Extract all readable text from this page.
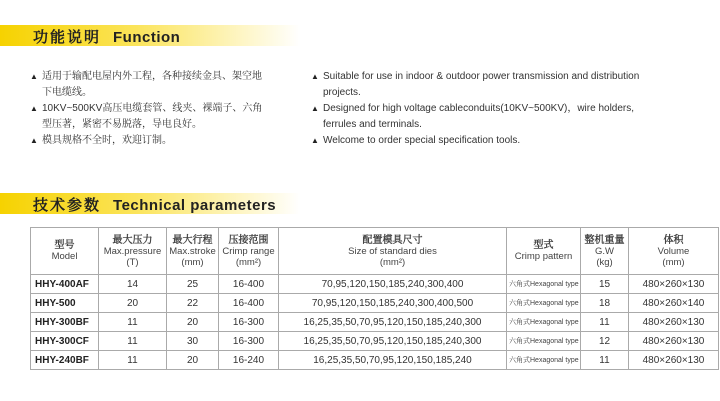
功能说明 Function
▲ 适用于输配电屋内外工程，各种接续金具、架空地
下电缆线。
▲ 10KV~500KV高压电缆套管、线夹、裸端子、六角
型压著，紧密不易脱落，导电良好。
▲ 模具规格不全时，欢迎订制。
▲ Suitable for use in indoor & outdoor power transmission and distribution
projects.
▲ Designed for high voltage cableconduits(10KV~500KV)，wire holders,
ferrules and terminals.
▲ Welcome to order special specification tools.
技术参数 Technical parameters
型号
Model	最大压力
Max.pressure
(T)	最大行程
Max.stroke
(mm)	压接范围
Crimp range
(mm²)	配置模具尺寸
Size of standard dies
(mm²)	型式
Crimp pattern	整机重量
G.W
(kg)	体积
Volume
(mm)

HHY-400AF	14	25	16-400	70,95,120,150,185,240,300,400	六角式Hexagonal type	15	480×260×130
HHY-500	20	22	16-400	70,95,120,150,185,240,300,400,500	六角式Hexagonal type	18	480×260×140
HHY-300BF	11	20	16-300	16,25,35,50,70,95,120,150,185,240,300	六角式Hexagonal type	11	480×260×130
HHY-300CF	11	30	16-300	16,25,35,50,70,95,120,150,185,240,300	六角式Hexagonal type	12	480×260×130
HHY-240BF	11	20	16-240	16,25,35,50,70,95,120,150,185,240	六角式Hexagonal type	11	480×260×130
